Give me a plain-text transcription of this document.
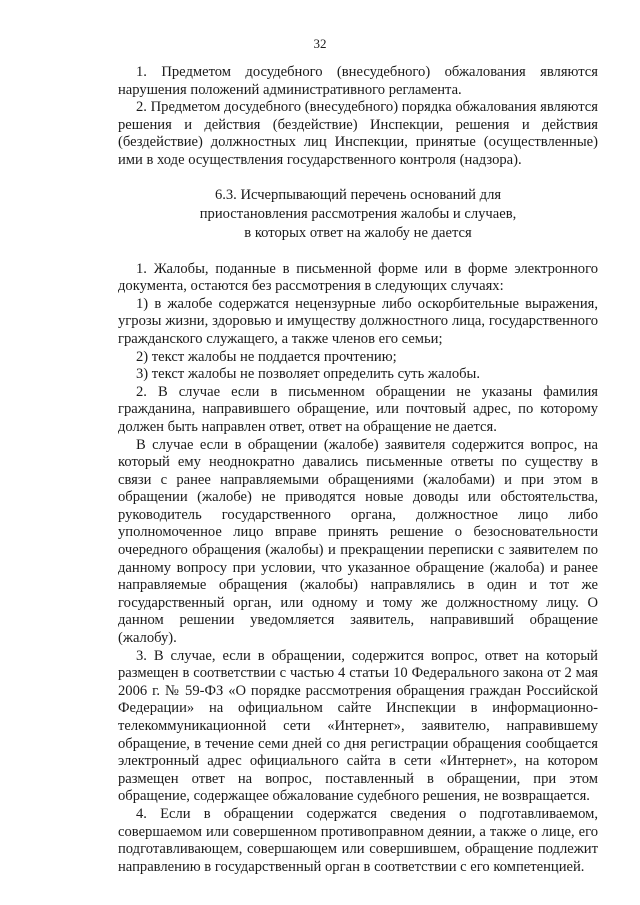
32

1. Предметом досудебного (внесудебного) обжалования являются нарушения положений административного регламента.

2. Предметом досудебного (внесудебного) порядка обжалования являются решения и действия (бездействие) Инспекции, решения и действия (бездействие) должностных лиц Инспекции, принятые (осуществленные) ими в ходе осуществления государственного контроля (надзора).

6.3. Исчерпывающий перечень оснований для

приостановления рассмотрения жалобы и случаев,

в которых ответ на жалобу не дается

1. Жалобы, поданные в письменной форме или в форме электронного документа, остаются без рассмотрения в следующих случаях:

1) в жалобе содержатся нецензурные либо оскорбительные выражения, угрозы жизни, здоровью и имуществу должностного лица, государственного гражданского служащего, а также членов его семьи;

2) текст жалобы не поддается прочтению;

3) текст жалобы не позволяет определить суть жалобы.

2. В случае если в письменном обращении не указаны фамилия гражданина, направившего обращение, или почтовый адрес, по которому должен быть направлен ответ, ответ на обращение не дается.

В случае если в обращении (жалобе) заявителя содержится вопрос, на который ему неоднократно давались письменные ответы по существу в связи с ранее направляемыми обращениями (жалобами) и при этом в обращении (жалобе) не приводятся новые доводы или обстоятельства, руководитель государственного органа, должностное лицо либо уполномоченное лицо вправе принять решение о безосновательности очередного обращения (жалобы) и прекращении переписки с заявителем по данному вопросу при условии, что указанное обращение (жалоба) и ранее направляемые обращения (жалобы) направлялись в один и тот же государственный орган, или одному и тому же должностному лицу. О данном решении уведомляется заявитель, направивший обращение (жалобу).

3. В случае, если в обращении, содержится вопрос, ответ на который размещен в соответствии с частью 4 статьи 10 Федерального закона от 2 мая 2006 г. № 59-ФЗ «О порядке рассмотрения обращения граждан Российской Федерации» на официальном сайте Инспекции в информационно-телекоммуникационной сети «Интернет», заявителю, направившему обращение, в течение семи дней со дня регистрации обращения сообщается электронный адрес официального сайта в сети «Интернет», на котором размещен ответ на вопрос, поставленный в обращении, при этом обращение, содержащее обжалование судебного решения, не возвращается.

4. Если в обращении содержатся сведения о подготавливаемом, совершаемом или совершенном противоправном деянии, а также о лице, его подготавливающем, совершающем или совершившем, обращение подлежит направлению в государственный орган в соответствии с его компетенцией.
